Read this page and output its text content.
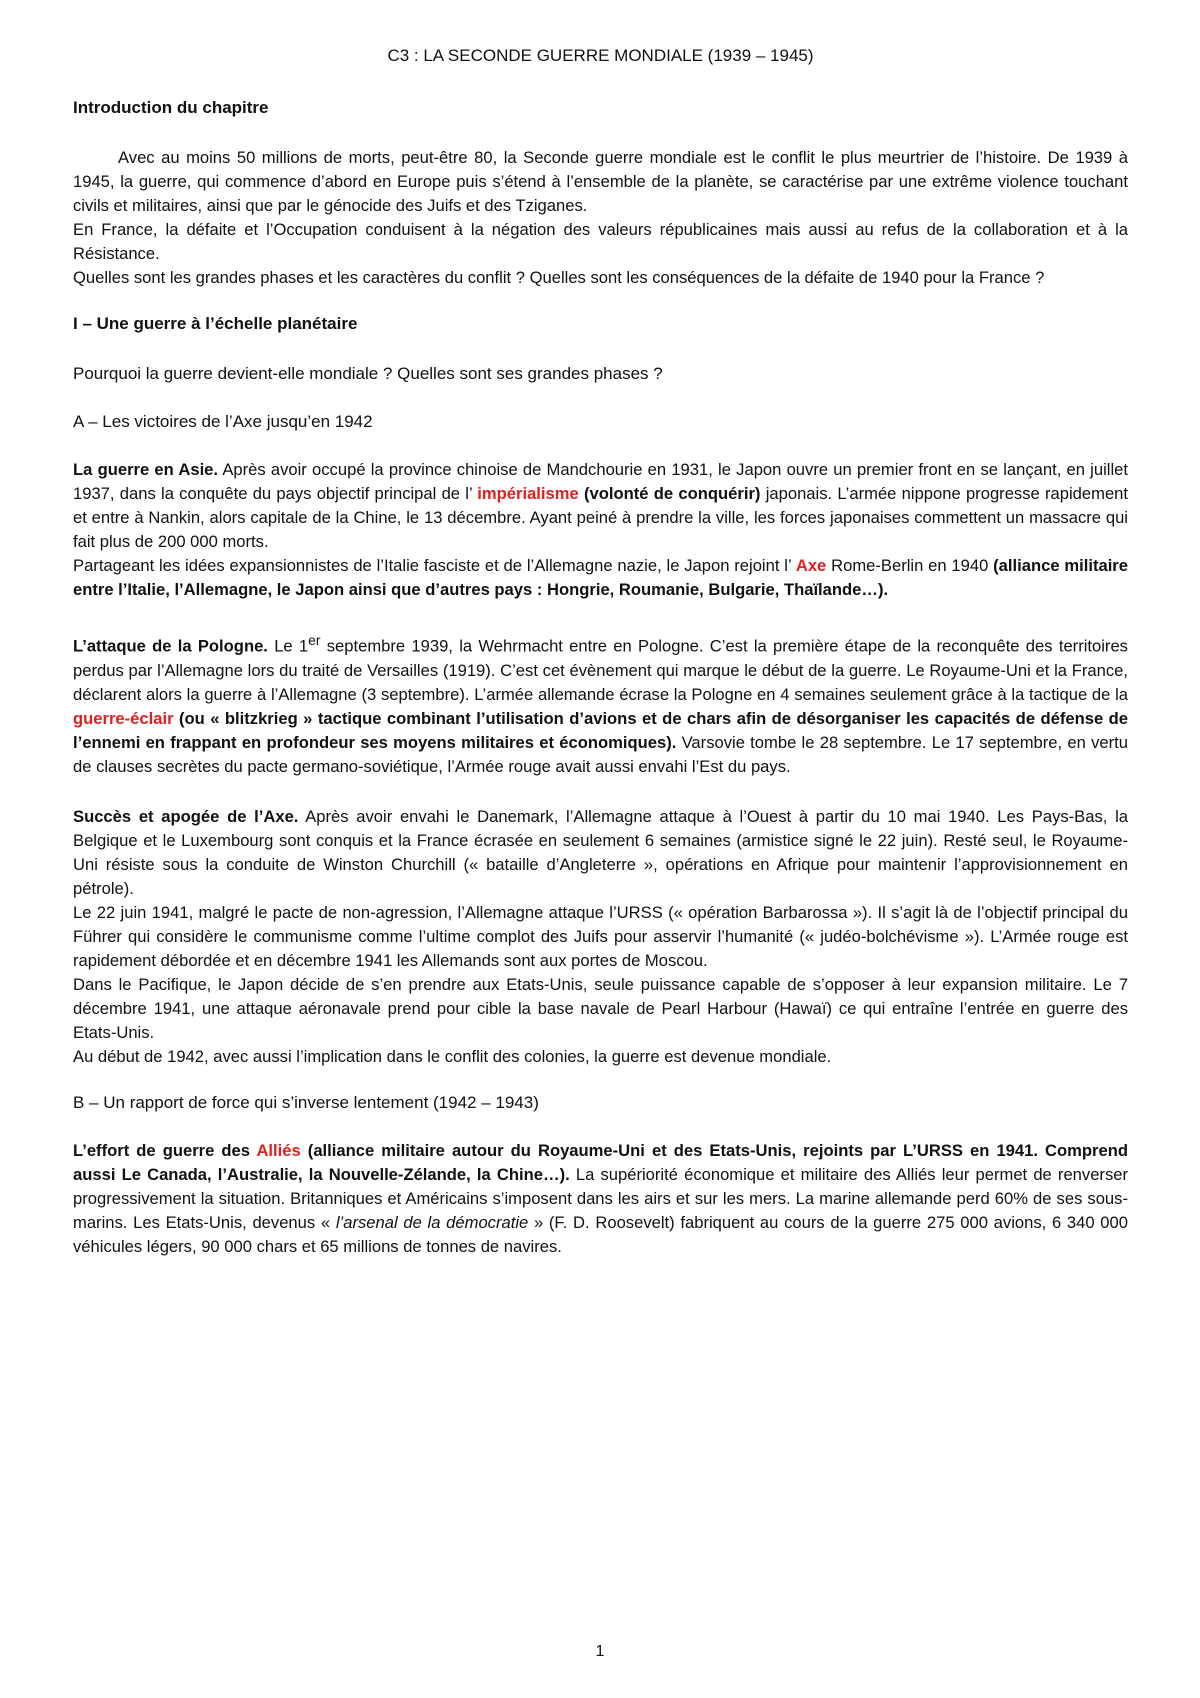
C3 : LA SECONDE GUERRE MONDIALE (1939 – 1945)
Introduction du chapitre

Avec au moins 50 millions de morts, peut-être 80, la Seconde guerre mondiale est le conflit le plus meurtrier de l’histoire. De 1939 à 1945, la guerre, qui commence d’abord en Europe puis s’étend à l’ensemble de la planète, se caractérise par une extrême violence touchant civils et militaires, ainsi que par le génocide des Juifs et des Tziganes.

En France, la défaite et l’Occupation conduisent à la négation des valeurs républicaines mais aussi au refus de la collaboration et à la Résistance.

Quelles sont les grandes phases et les caractères du conflit ? Quelles sont les conséquences de la défaite de 1940 pour la France ?

I – Une guerre à l’échelle planétaire
Pourquoi la guerre devient-elle mondiale ? Quelles sont ses grandes phases ?
A – Les victoires de l’Axe jusqu’en 1942

La guerre en Asie. Après avoir occupé la province chinoise de Mandchourie en 1931, le Japon ouvre un premier front en se lançant, en juillet 1937, dans la conquête du pays objectif principal de l’ impérialisme (volonté de conquérir) japonais. L’armée nippone progresse rapidement et entre à Nankin, alors capitale de la Chine, le 13 décembre. Ayant peiné à prendre la ville, les forces japonaises commettent un massacre qui fait plus de 200 000 morts.

Partageant les idées expansionnistes de l’Italie fasciste et de l’Allemagne nazie, le Japon rejoint l’ Axe Rome-Berlin en 1940 (alliance militaire entre l’Italie, l’Allemagne, le Japon ainsi que d’autres pays : Hongrie, Roumanie, Bulgarie, Thaïlande…).

L’attaque de la Pologne. Le 1er septembre 1939, la Wehrmacht entre en Pologne. C’est la première étape de la reconquête des territoires perdus par l’Allemagne lors du traité de Versailles (1919). C’est cet évènement qui marque le début de la guerre. Le Royaume-Uni et la France, déclarent alors la guerre à l’Allemagne (3 septembre). L’armée allemande écrase la Pologne en 4 semaines seulement grâce à la tactique de la guerre-éclair (ou « blitzkrieg » tactique combinant l’utilisation d’avions et de chars afin de désorganiser les capacités de défense de l’ennemi en frappant en profondeur ses moyens militaires et économiques). Varsovie tombe le 28 septembre. Le 17 septembre, en vertu de clauses secrètes du pacte germano-soviétique, l’Armée rouge avait aussi envahi l’Est du pays.

Succès et apogée de l’Axe. Après avoir envahi le Danemark, l’Allemagne attaque à l’Ouest à partir du 10 mai 1940. Les Pays-Bas, la Belgique et le Luxembourg sont conquis et la France écrasée en seulement 6 semaines (armistice signé le 22 juin). Resté seul, le Royaume-Uni résiste sous la conduite de Winston Churchill (« bataille d’Angleterre », opérations en Afrique pour maintenir l’approvisionnement en pétrole).

Le 22 juin 1941, malgré le pacte de non-agression, l’Allemagne attaque l’URSS (« opération Barbarossa »). Il s’agit là de l’objectif principal du Führer qui considère le communisme comme l’ultime complot des Juifs pour asservir l’humanité (« judéo-bolchévisme »). L’Armée rouge est rapidement débordée et en décembre 1941 les Allemands sont aux portes de Moscou.

Dans le Pacifique, le Japon décide de s’en prendre aux Etats-Unis, seule puissance capable de s’opposer à leur expansion militaire. Le 7 décembre 1941, une attaque aéronavale prend pour cible la base navale de Pearl Harbour (Hawaï) ce qui entraîne l’entrée en guerre des Etats-Unis.

Au début de 1942, avec aussi l’implication dans le conflit des colonies, la guerre est devenue mondiale.

B – Un rapport de force qui s’inverse lentement (1942 – 1943)

L’effort de guerre des Alliés (alliance militaire autour du Royaume-Uni et des Etats-Unis, rejoints par L’URSS en 1941. Comprend aussi Le Canada, l’Australie, la Nouvelle-Zélande, la Chine…). La supériorité économique et militaire des Alliés leur permet de renverser progressivement la situation. Britanniques et Américains s’imposent dans les airs et sur les mers. La marine allemande perd 60% de ses sous-marins. Les Etats-Unis, devenus « l’arsenal de la démocratie » (F. D. Roosevelt) fabriquent au cours de la guerre 275 000 avions, 6 340 000 véhicules légers, 90 000 chars et 65 millions de tonnes de navires.

1
